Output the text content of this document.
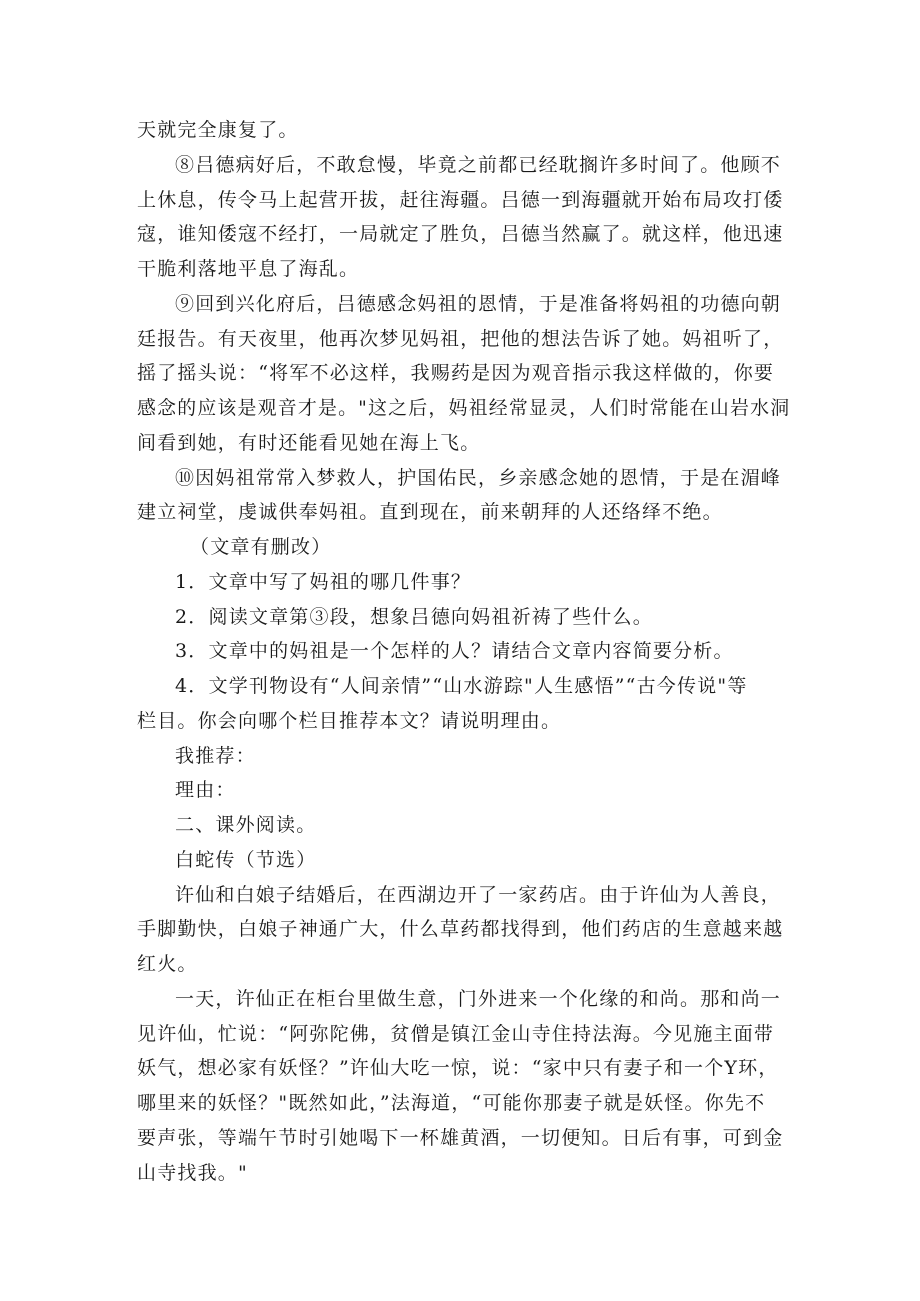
天就完全康复了。
⑧吕德病好后，不敢怠慢，毕竟之前都已经耽搁许多时间了。他顾不
上休息，传令马上起营开拔，赶往海疆。吕德一到海疆就开始布局攻打倭
寇，谁知倭寇不经打，一局就定了胜负，吕德当然赢了。就这样，他迅速
干脆利落地平息了海乱。
⑨回到兴化府后，吕德感念妈祖的恩情，于是准备将妈祖的功德向朝
廷报告。有天夜里，他再次梦见妈祖，把他的想法告诉了她。妈祖听了，
摇了摇头说：“将军不必这样，我赐药是因为观音指示我这样做的，你要
感念的应该是观音才是。"这之后，妈祖经常显灵，人们时常能在山岩水洞
间看到她，有时还能看见她在海上飞。
⑩因妈祖常常入梦救人，护国佑民，乡亲感念她的恩情，于是在湄峰
建立祠堂，虔诚供奉妈祖。直到现在，前来朝拜的人还络绎不绝。
（文章有删改）
1．文章中写了妈祖的哪几件事？
2．阅读文章第③段，想象吕德向妈祖祈祷了些什么。
3．文章中的妈祖是一个怎样的人？请结合文章内容简要分析。
4．文学刊物设有“人间亲情”“山水游踪"人生感悟”“古今传说"等
栏目。你会向哪个栏目推荐本文？请说明理由。
我推荐：
理由：
二、课外阅读。
白蛇传（节选）
许仙和白娘子结婚后，在西湖边开了一家药店。由于许仙为人善良，
手脚勤快，白娘子神通广大，什么草药都找得到，他们药店的生意越来越
红火。
一天，许仙正在柜台里做生意，门外进来一个化缘的和尚。那和尚一
见许仙，忙说：“阿弥陀佛，贫僧是镇江金山寺住持法海。今见施主面带
妖气，想必家有妖怪？”许仙大吃一惊，说：“家中只有妻子和一个Y环，
哪里来的妖怪？"既然如此，”法海道，“可能你那妻子就是妖怪。你先不
要声张，等端午节时引她喝下一杯雄黄酒，一切便知。日后有事，可到金
山寺找我。"
